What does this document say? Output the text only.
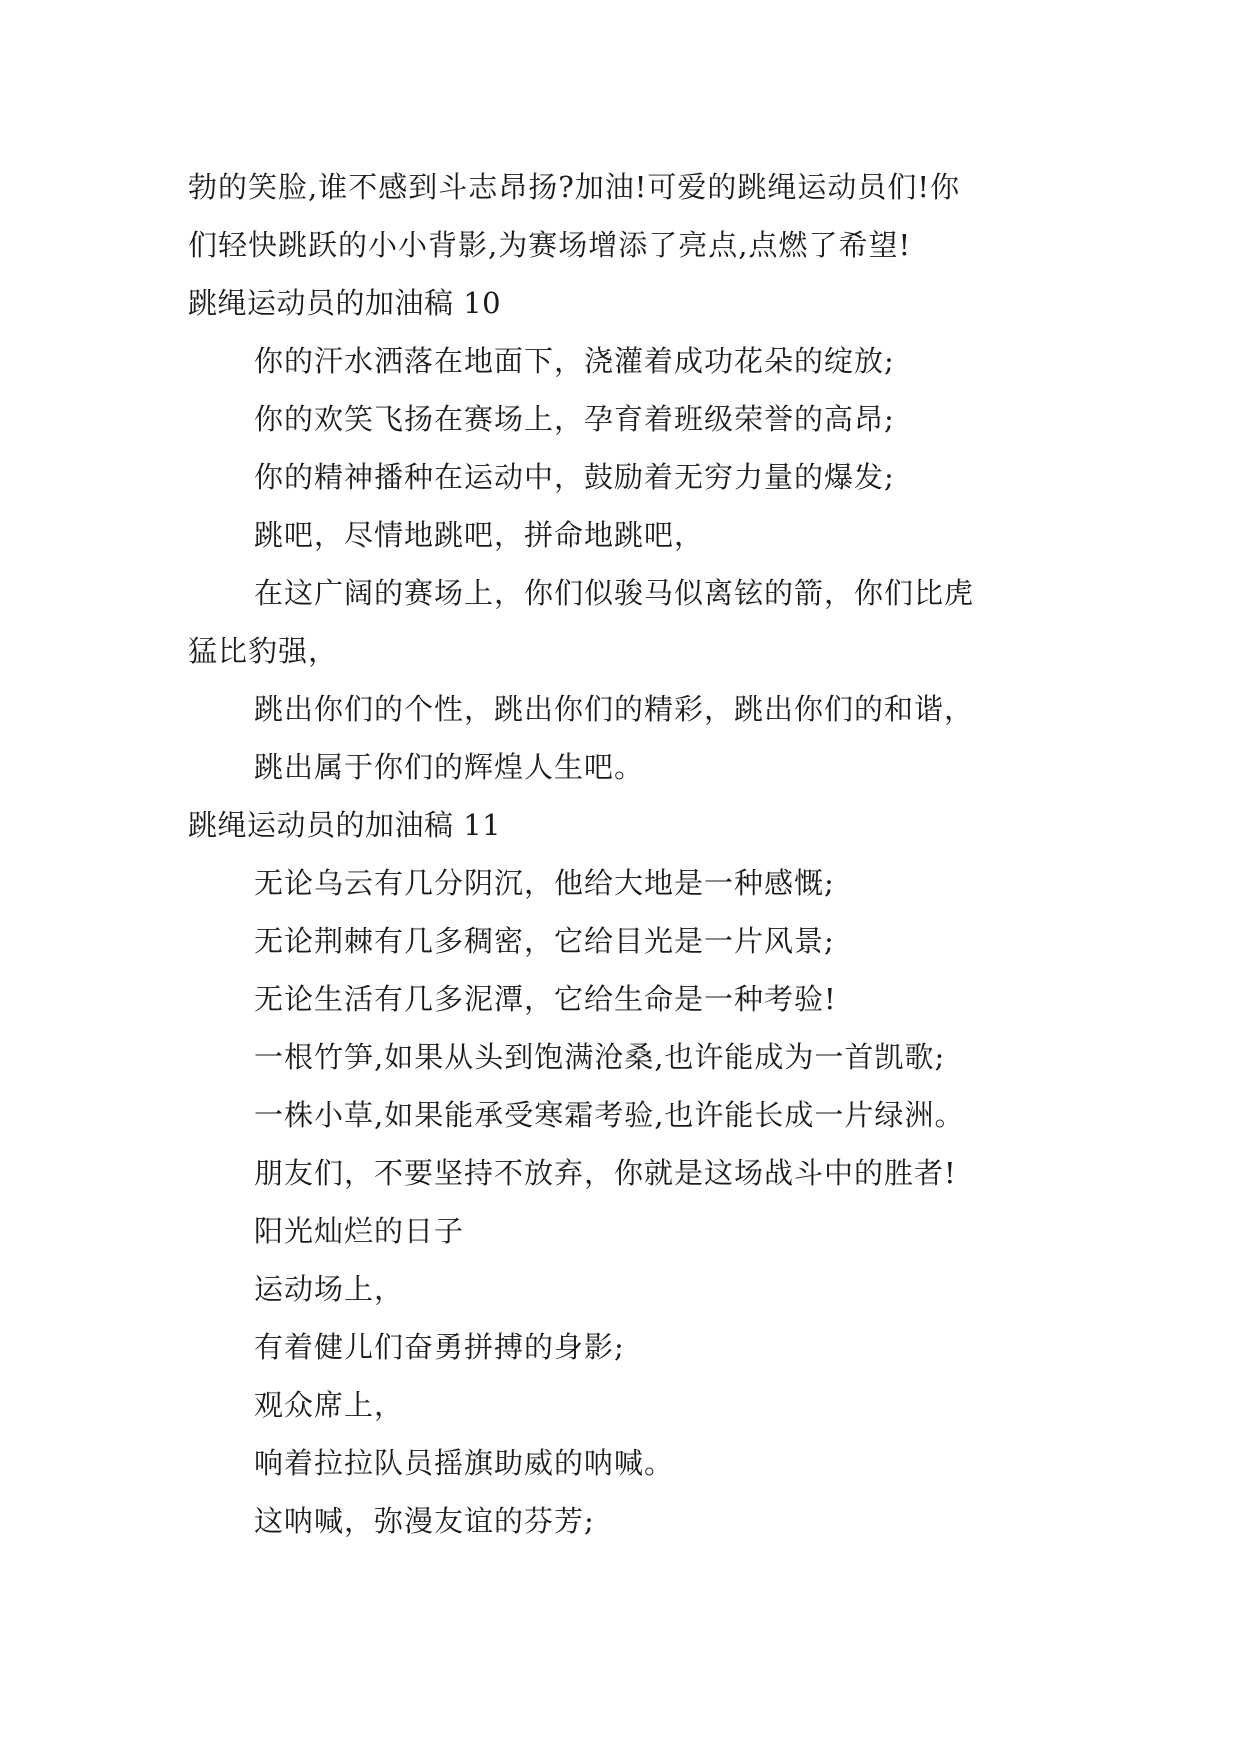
勃的笑脸,谁不感到斗志昂扬?加油!可爱的跳绳运动员们!你
们轻快跳跃的小小背影,为赛场增添了亮点,点燃了希望!
跳绳运动员的加油稿 10
你的汗水洒落在地面下，浇灌着成功花朵的绽放;
你的欢笑飞扬在赛场上，孕育着班级荣誉的高昂;
你的精神播种在运动中，鼓励着无穷力量的爆发;
跳吧，尽情地跳吧，拼命地跳吧，
在这广阔的赛场上，你们似骏马似离铉的箭，你们比虎
猛比豹强，
跳出你们的个性，跳出你们的精彩，跳出你们的和谐，
跳出属于你们的辉煌人生吧。
跳绳运动员的加油稿 11
无论乌云有几分阴沉，他给大地是一种感慨;
无论荆棘有几多稠密，它给目光是一片风景;
无论生活有几多泥潭，它给生命是一种考验!
一根竹笋,如果从头到饱满沧桑,也许能成为一首凯歌;
一株小草,如果能承受寒霜考验,也许能长成一片绿洲。
朋友们，不要坚持不放弃，你就是这场战斗中的胜者!
阳光灿烂的日子
运动场上，
有着健儿们奋勇拼搏的身影;
观众席上，
响着拉拉队员摇旗助威的呐喊。
这呐喊，弥漫友谊的芬芳;
